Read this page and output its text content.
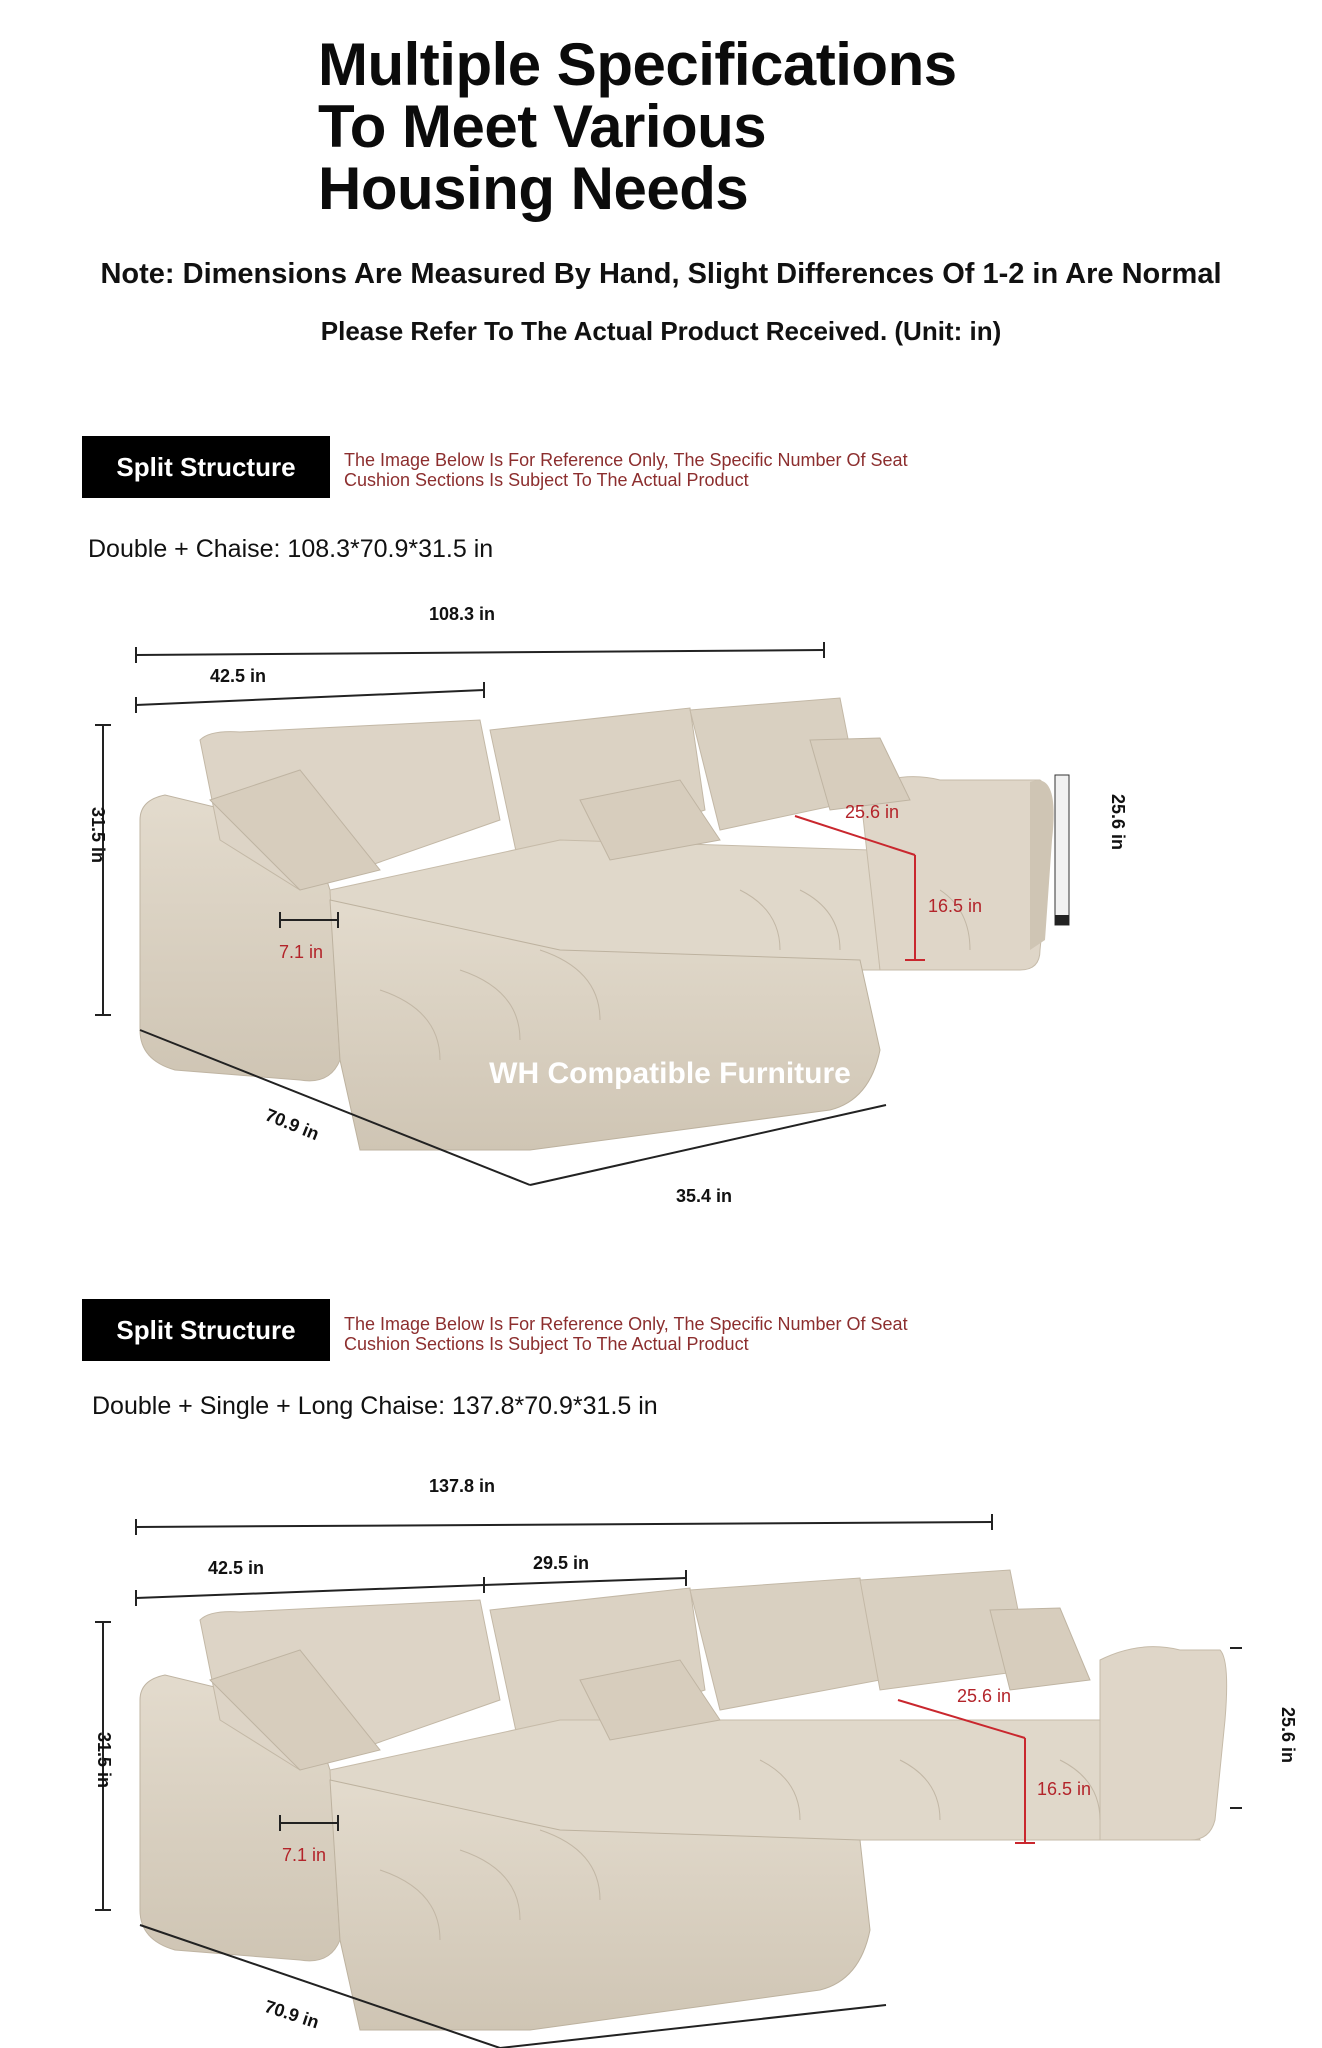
Multiple Specifications
To Meet Various
Housing Needs
Note: Dimensions Are Measured By Hand, Slight Differences Of 1-2 in Are Normal
Please Refer To The Actual Product Received. (Unit: in)
Split Structure	The Image Below Is For Reference Only, The Specific Number Of Seat
Cushion Sections Is Subject To The Actual Product
Double + Chaise: 108.3*70.9*31.5 in
WH Compatible Furniture
108.3 in
42.5 in
31.5 in	25.6 in
25.6 in
16.5 in
7.1 in
70.9 in
35.4 in
Split Structure	The Image Below Is For Reference Only, The Specific Number Of Seat
Cushion Sections Is Subject To The Actual Product
Double + Single + Long Chaise: 137.8*70.9*31.5 in
137.8 in
42.5 in	29.5 in
31.5 in	25.6 in
25.6 in
16.5 in
7.1 in
70.9 in
